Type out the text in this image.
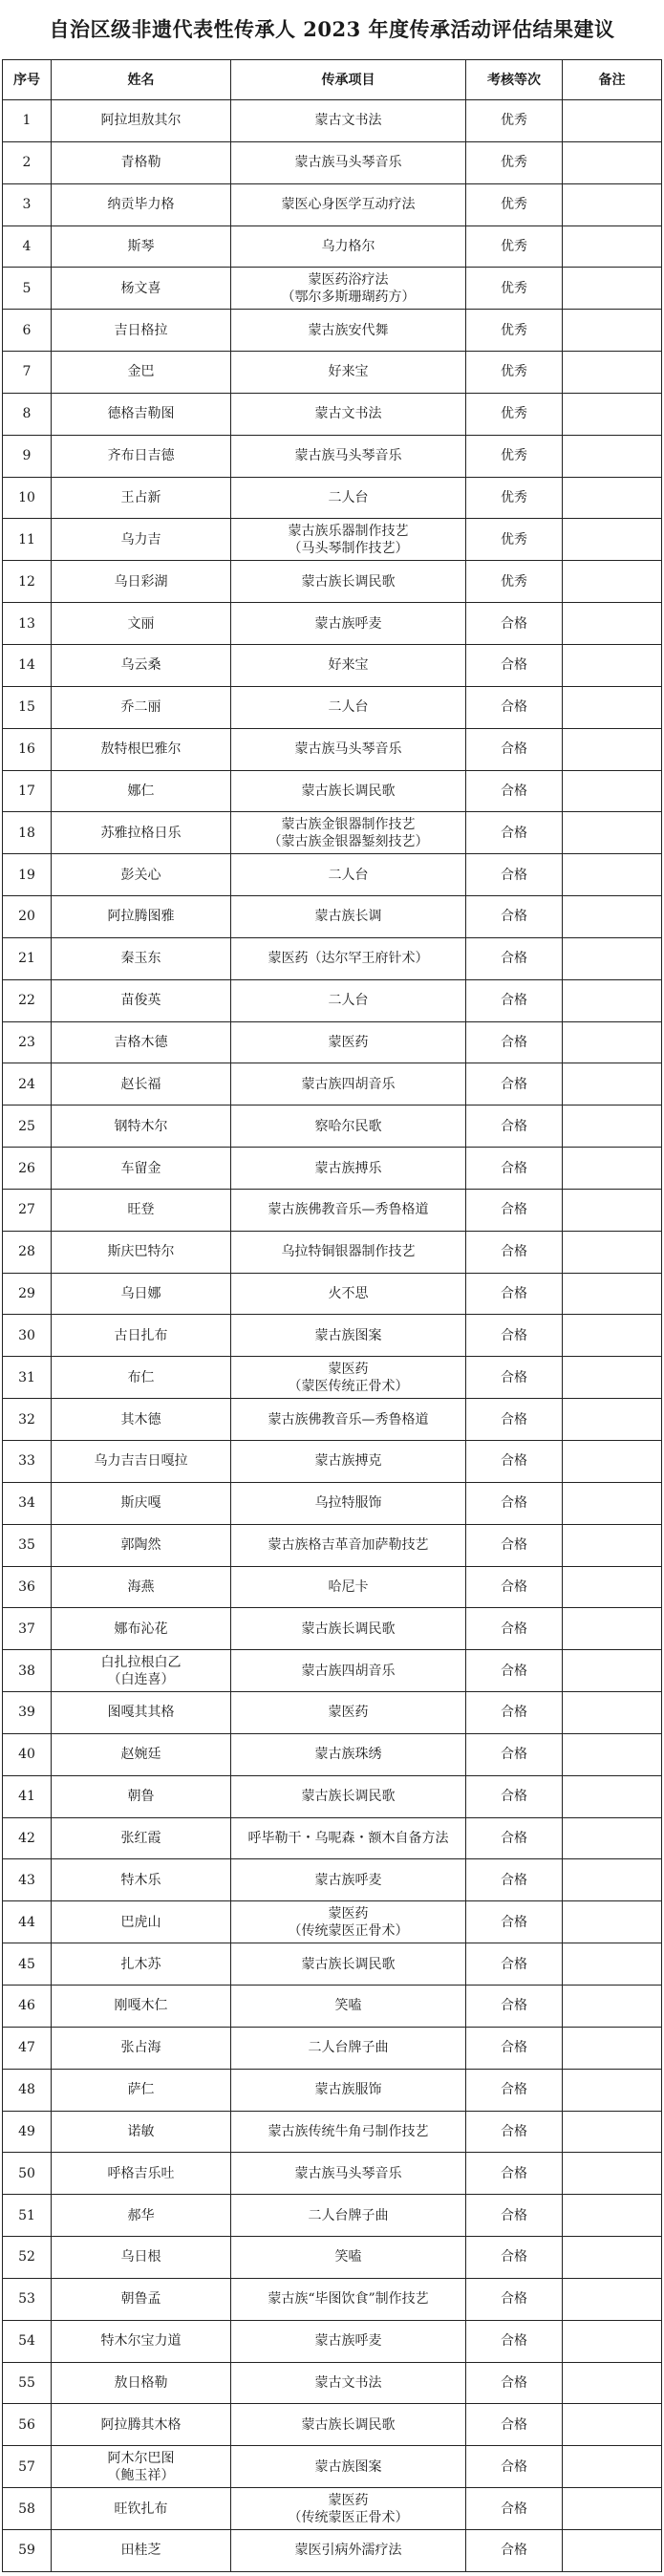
自治区级非遗代表性传承人 2023 年度传承活动评估结果建议
序号	姓名	传承项目	考核等次	备注

1	阿拉坦敖其尔	蒙古文书法	优秀	

2	青格勒	蒙古族马头琴音乐	优秀	

3	纳贡毕力格	蒙医心身医学互动疗法	优秀	

4	斯琴	乌力格尔	优秀	

5	杨文喜	蒙医药浴疗法
（鄂尔多斯珊瑚药方）	优秀	

6	吉日格拉	蒙古族安代舞	优秀	

7	金巴	好来宝	优秀	

8	德格吉勒图	蒙古文书法	优秀	

9	齐布日吉德	蒙古族马头琴音乐	优秀	

10	王占新	二人台	优秀	

11	乌力吉	蒙古族乐器制作技艺
（马头琴制作技艺）	优秀	

12	乌日彩湖	蒙古族长调民歌	优秀	

13	文丽	蒙古族呼麦	合格	

14	乌云桑	好来宝	合格	

15	乔二丽	二人台	合格	

16	敖特根巴雅尔	蒙古族马头琴音乐	合格	

17	娜仁	蒙古族长调民歌	合格	

18	苏雅拉格日乐	蒙古族金银器制作技艺
（蒙古族金银器錾刻技艺）	合格	

19	彭关心	二人台	合格	

20	阿拉腾图雅	蒙古族长调	合格	

21	秦玉东	蒙医药（达尔罕王府针术）	合格	

22	苗俊英	二人台	合格	

23	吉格木德	蒙医药	合格	

24	赵长福	蒙古族四胡音乐	合格	

25	钢特木尔	察哈尔民歌	合格	

26	车留金	蒙古族搏乐	合格	

27	旺登	蒙古族佛教音乐—秀鲁格道	合格	

28	斯庆巴特尔	乌拉特铜银器制作技艺	合格	

29	乌日娜	火不思	合格	

30	古日扎布	蒙古族图案	合格	

31	布仁	蒙医药
（蒙医传统正骨术）	合格	

32	其木德	蒙古族佛教音乐—秀鲁格道	合格	

33	乌力吉吉日嘎拉	蒙古族搏克	合格	

34	斯庆嘎	乌拉特服饰	合格	

35	郭陶然	蒙古族格吉革音加萨勒技艺	合格	

36	海燕	哈尼卡	合格	

37	娜布沁花	蒙古族长调民歌	合格	

38	白扎拉根白乙
（白连喜）	蒙古族四胡音乐	合格	

39	图嘎其其格	蒙医药	合格	

40	赵婉廷	蒙古族珠绣	合格	

41	朝鲁	蒙古族长调民歌	合格	

42	张红霞	呼毕勒干・乌呢森・额木自备方法	合格	

43	特木乐	蒙古族呼麦	合格	

44	巴虎山	蒙医药
（传统蒙医正骨术）	合格	

45	扎木苏	蒙古族长调民歌	合格	

46	刚嘎木仁	笑嗑	合格	

47	张占海	二人台牌子曲	合格	

48	萨仁	蒙古族服饰	合格	

49	诺敏	蒙古族传统牛角弓制作技艺	合格	

50	呼格吉乐吐	蒙古族马头琴音乐	合格	

51	郝华	二人台牌子曲	合格	

52	乌日根	笑嗑	合格	

53	朝鲁孟	蒙古族“毕图饮食”制作技艺	合格	

54	特木尔宝力道	蒙古族呼麦	合格	

55	敖日格勒	蒙古文书法	合格	

56	阿拉腾其木格	蒙古族长调民歌	合格	

57	阿木尔巴图
（鲍玉祥）	蒙古族图案	合格	

58	旺钦扎布	蒙医药
（传统蒙医正骨术）	合格	

59	田桂芝	蒙医引病外濡疗法	合格	
